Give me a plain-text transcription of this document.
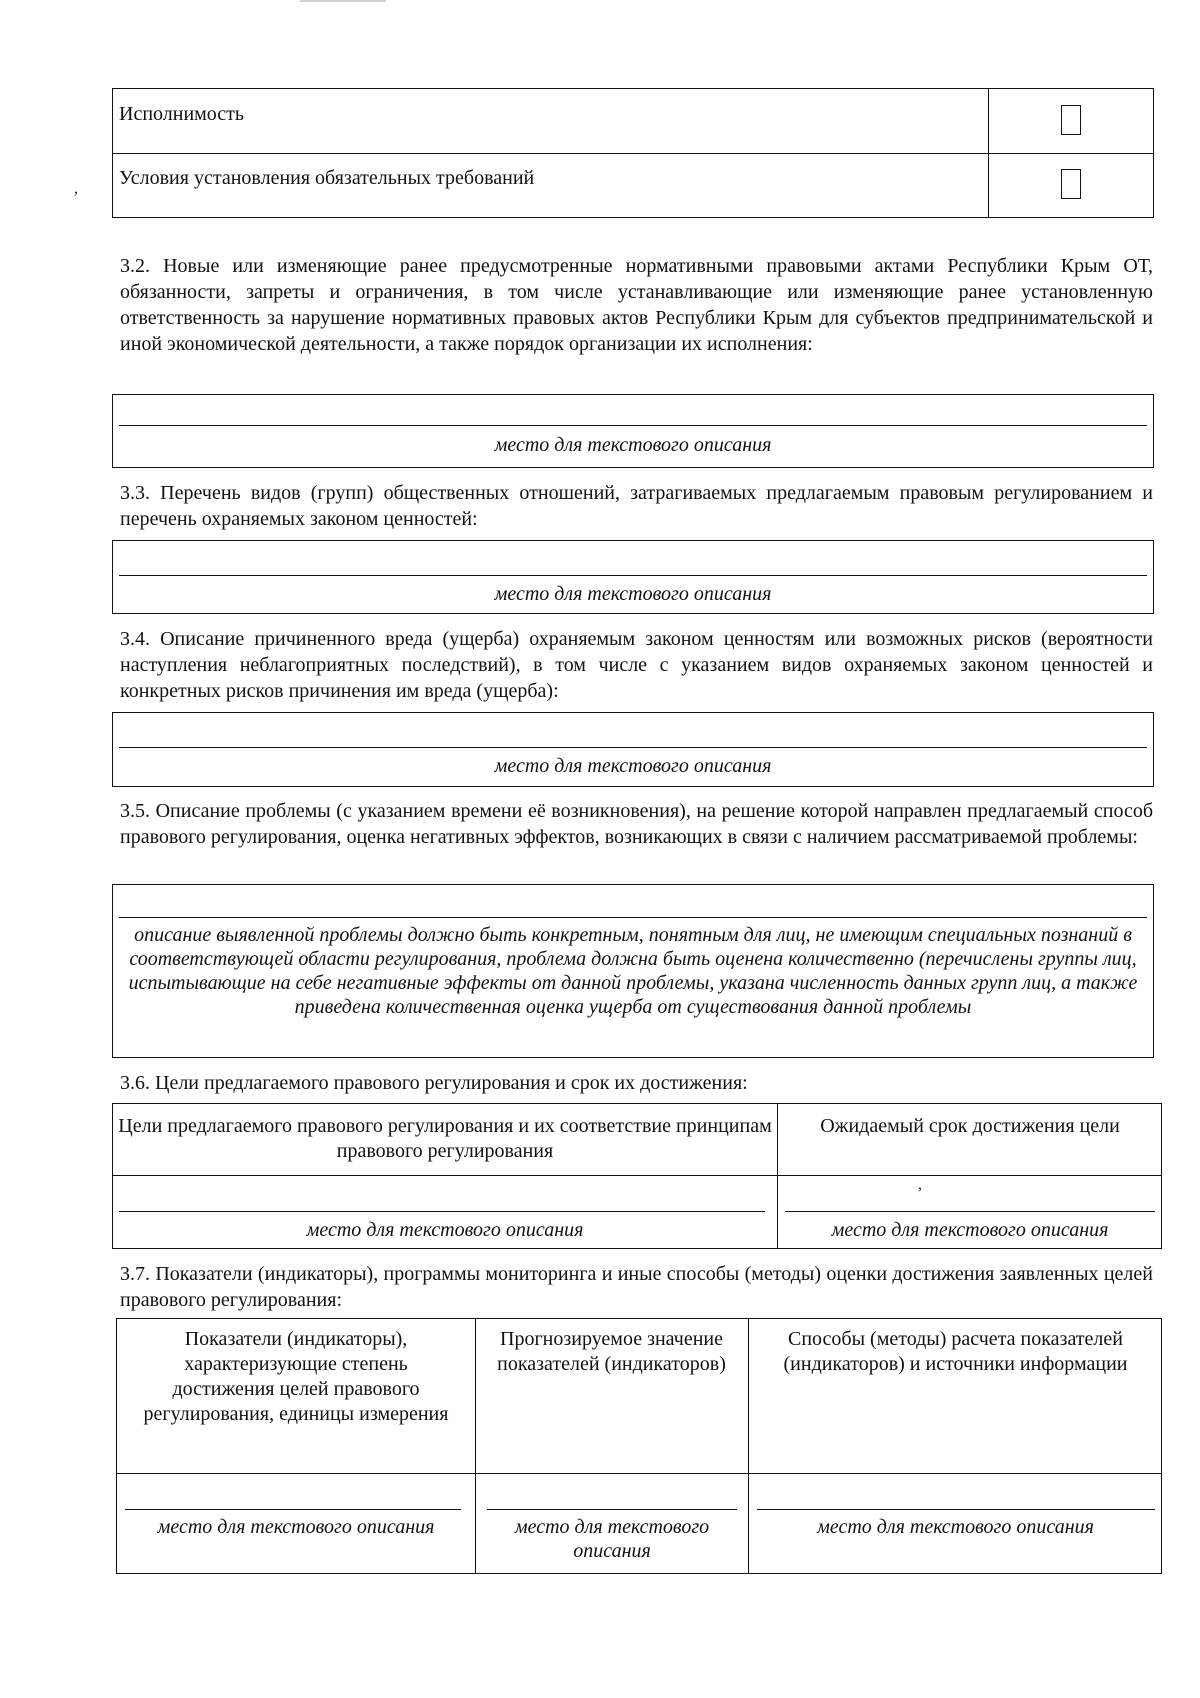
Исполнимость
Условия установления обязательных требований
3.2. Новые или изменяющие ранее предусмотренные нормативными правовыми актами Республики Крым ОТ, обязанности, запреты и ограничения, в том числе устанавливающие или изменяющие ранее установленную ответственность за нарушение нормативных правовых актов Республики Крым для субъектов предпринимательской и иной экономической деятельности, а также порядок организации их исполнения:
место для текстового описания
3.3. Перечень видов (групп) общественных отношений, затрагиваемых предлагаемым правовым регулированием и перечень охраняемых законом ценностей:
место для текстового описания
3.4. Описание причиненного вреда (ущерба) охраняемым законом ценностям или возможных рисков (вероятности наступления неблагоприятных последствий), в том числе с указанием видов охраняемых законом ценностей и конкретных рисков причинения им вреда (ущерба):
место для текстового описания
3.5. Описание проблемы (с указанием времени её возникновения), на решение которой направлен предлагаемый способ правового регулирования, оценка негативных эффектов, возникающих в связи с наличием рассматриваемой проблемы:
описание выявленной проблемы должно быть конкретным, понятным для лиц, не имеющим специальных познаний в соответствующей области регулирования, проблема должна быть оценена количественно (перечислены группы лиц, испытывающие на себе негативные эффекты от данной проблемы, указана численность данных групп лиц, а также приведена количественная оценка ущерба от существования данной проблемы
3.6. Цели предлагаемого правового регулирования и срок их достижения:
Цели предлагаемого правового регулирования и их соответствие принципам правового регулирования
Ожидаемый срок достижения цели
,
место для текстового описания	место для текстового описания
3.7. Показатели (индикаторы), программы мониторинга и иные способы (методы) оценки достижения заявленных целей правового регулирования:
Показатели (индикаторы), характеризующие степень достижения целей правового регулирования, единицы измерения
Прогнозируемое значение показателей (индикаторов)
Способы (методы) расчета показателей (индикаторов) и источники информации
место для текстового описания	место для текстового описания
место для текстового описания
,
